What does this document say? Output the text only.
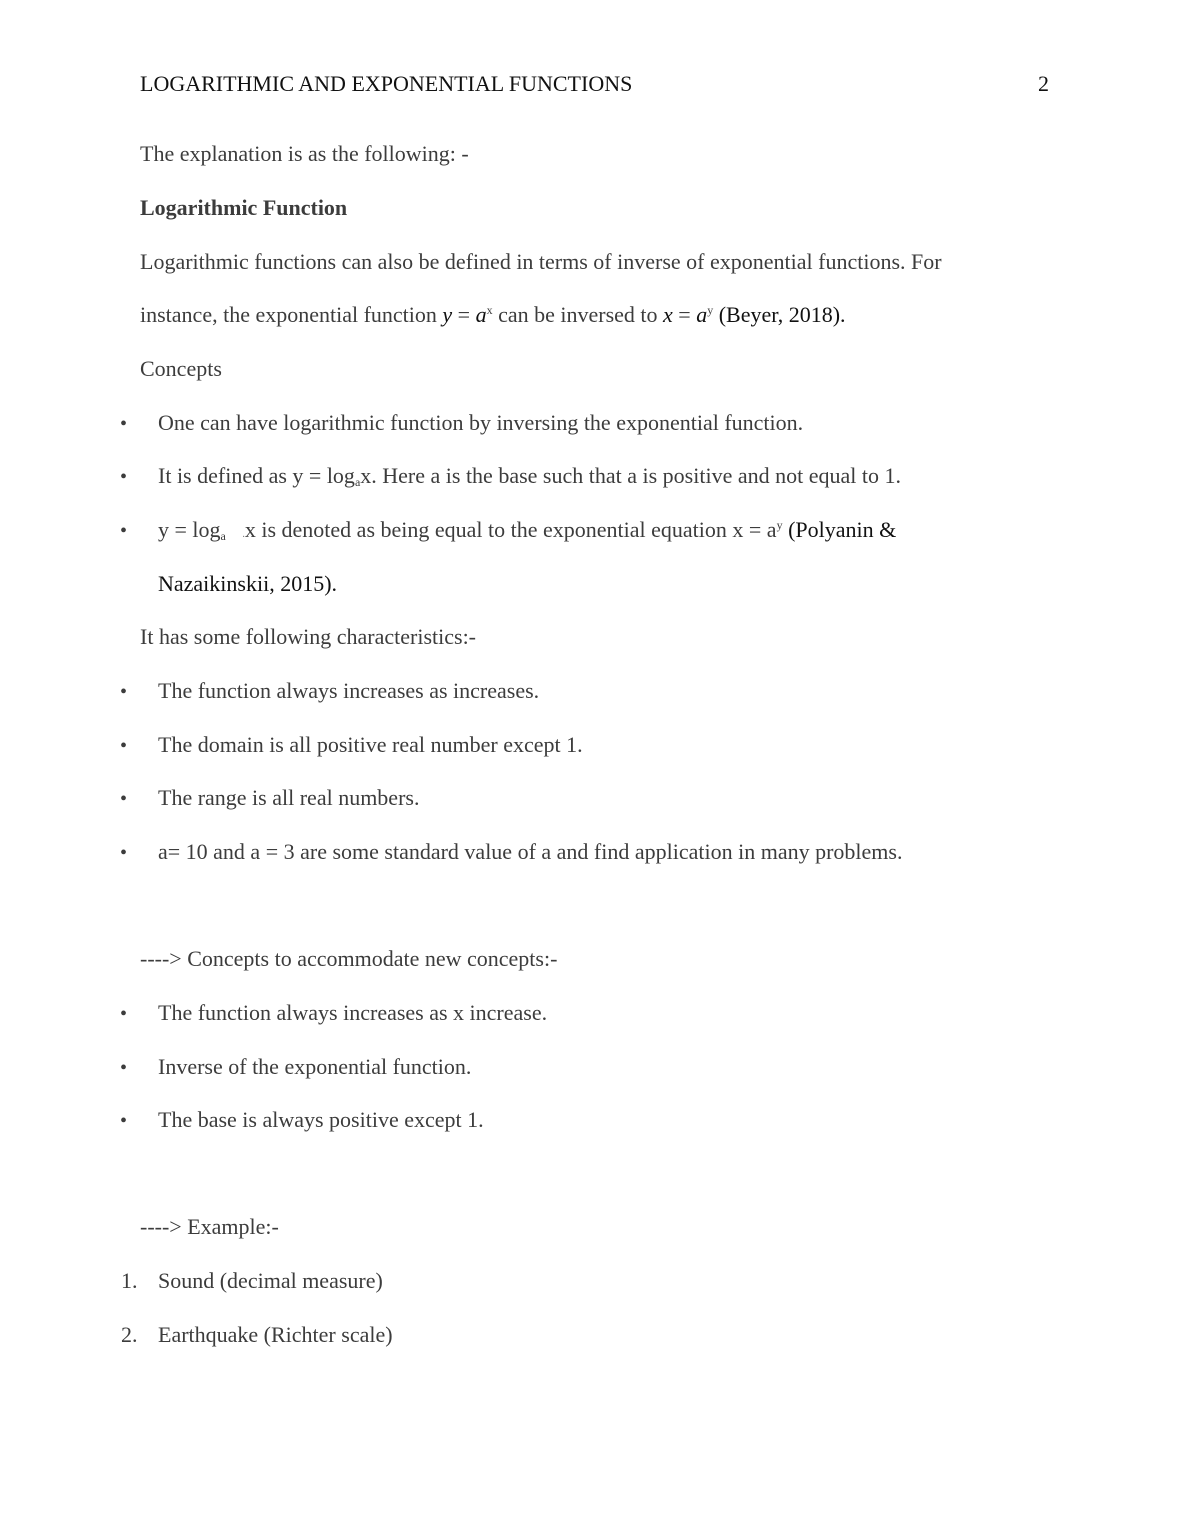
LOGARITHMIC AND EXPONENTIAL FUNCTIONS	2
The explanation is as the following: -
Logarithmic Function
Logarithmic functions can also be defined in terms of inverse of exponential functions. For
instance, the exponential function $y = a^x$ can be inversed to $x = a^y$ (Beyer, 2018).
Concepts
• One can have logarithmic function by inversing the exponential function.
• It is defined as $y = \log_ax$. Here a is the base such that a is positive and not equal to 1.
• $y = \log_a .x$ is denoted as being equal to the exponential equation $x = a^y$ (Polyanin &
Nazaikinskii, 2015).
It has some following characteristics:-
• The function always increases as increases.
• The domain is all positive real number except 1.
• The range is all real numbers.
• a= 10 and a = 3 are some standard value of a and find application in many problems.
----> Concepts to accommodate new concepts:-
• The function always increases as x increase.
• Inverse of the exponential function.
• The base is always positive except 1.
----> Example:-
1. Sound (decimal measure)
2. Earthquake (Richter scale)
